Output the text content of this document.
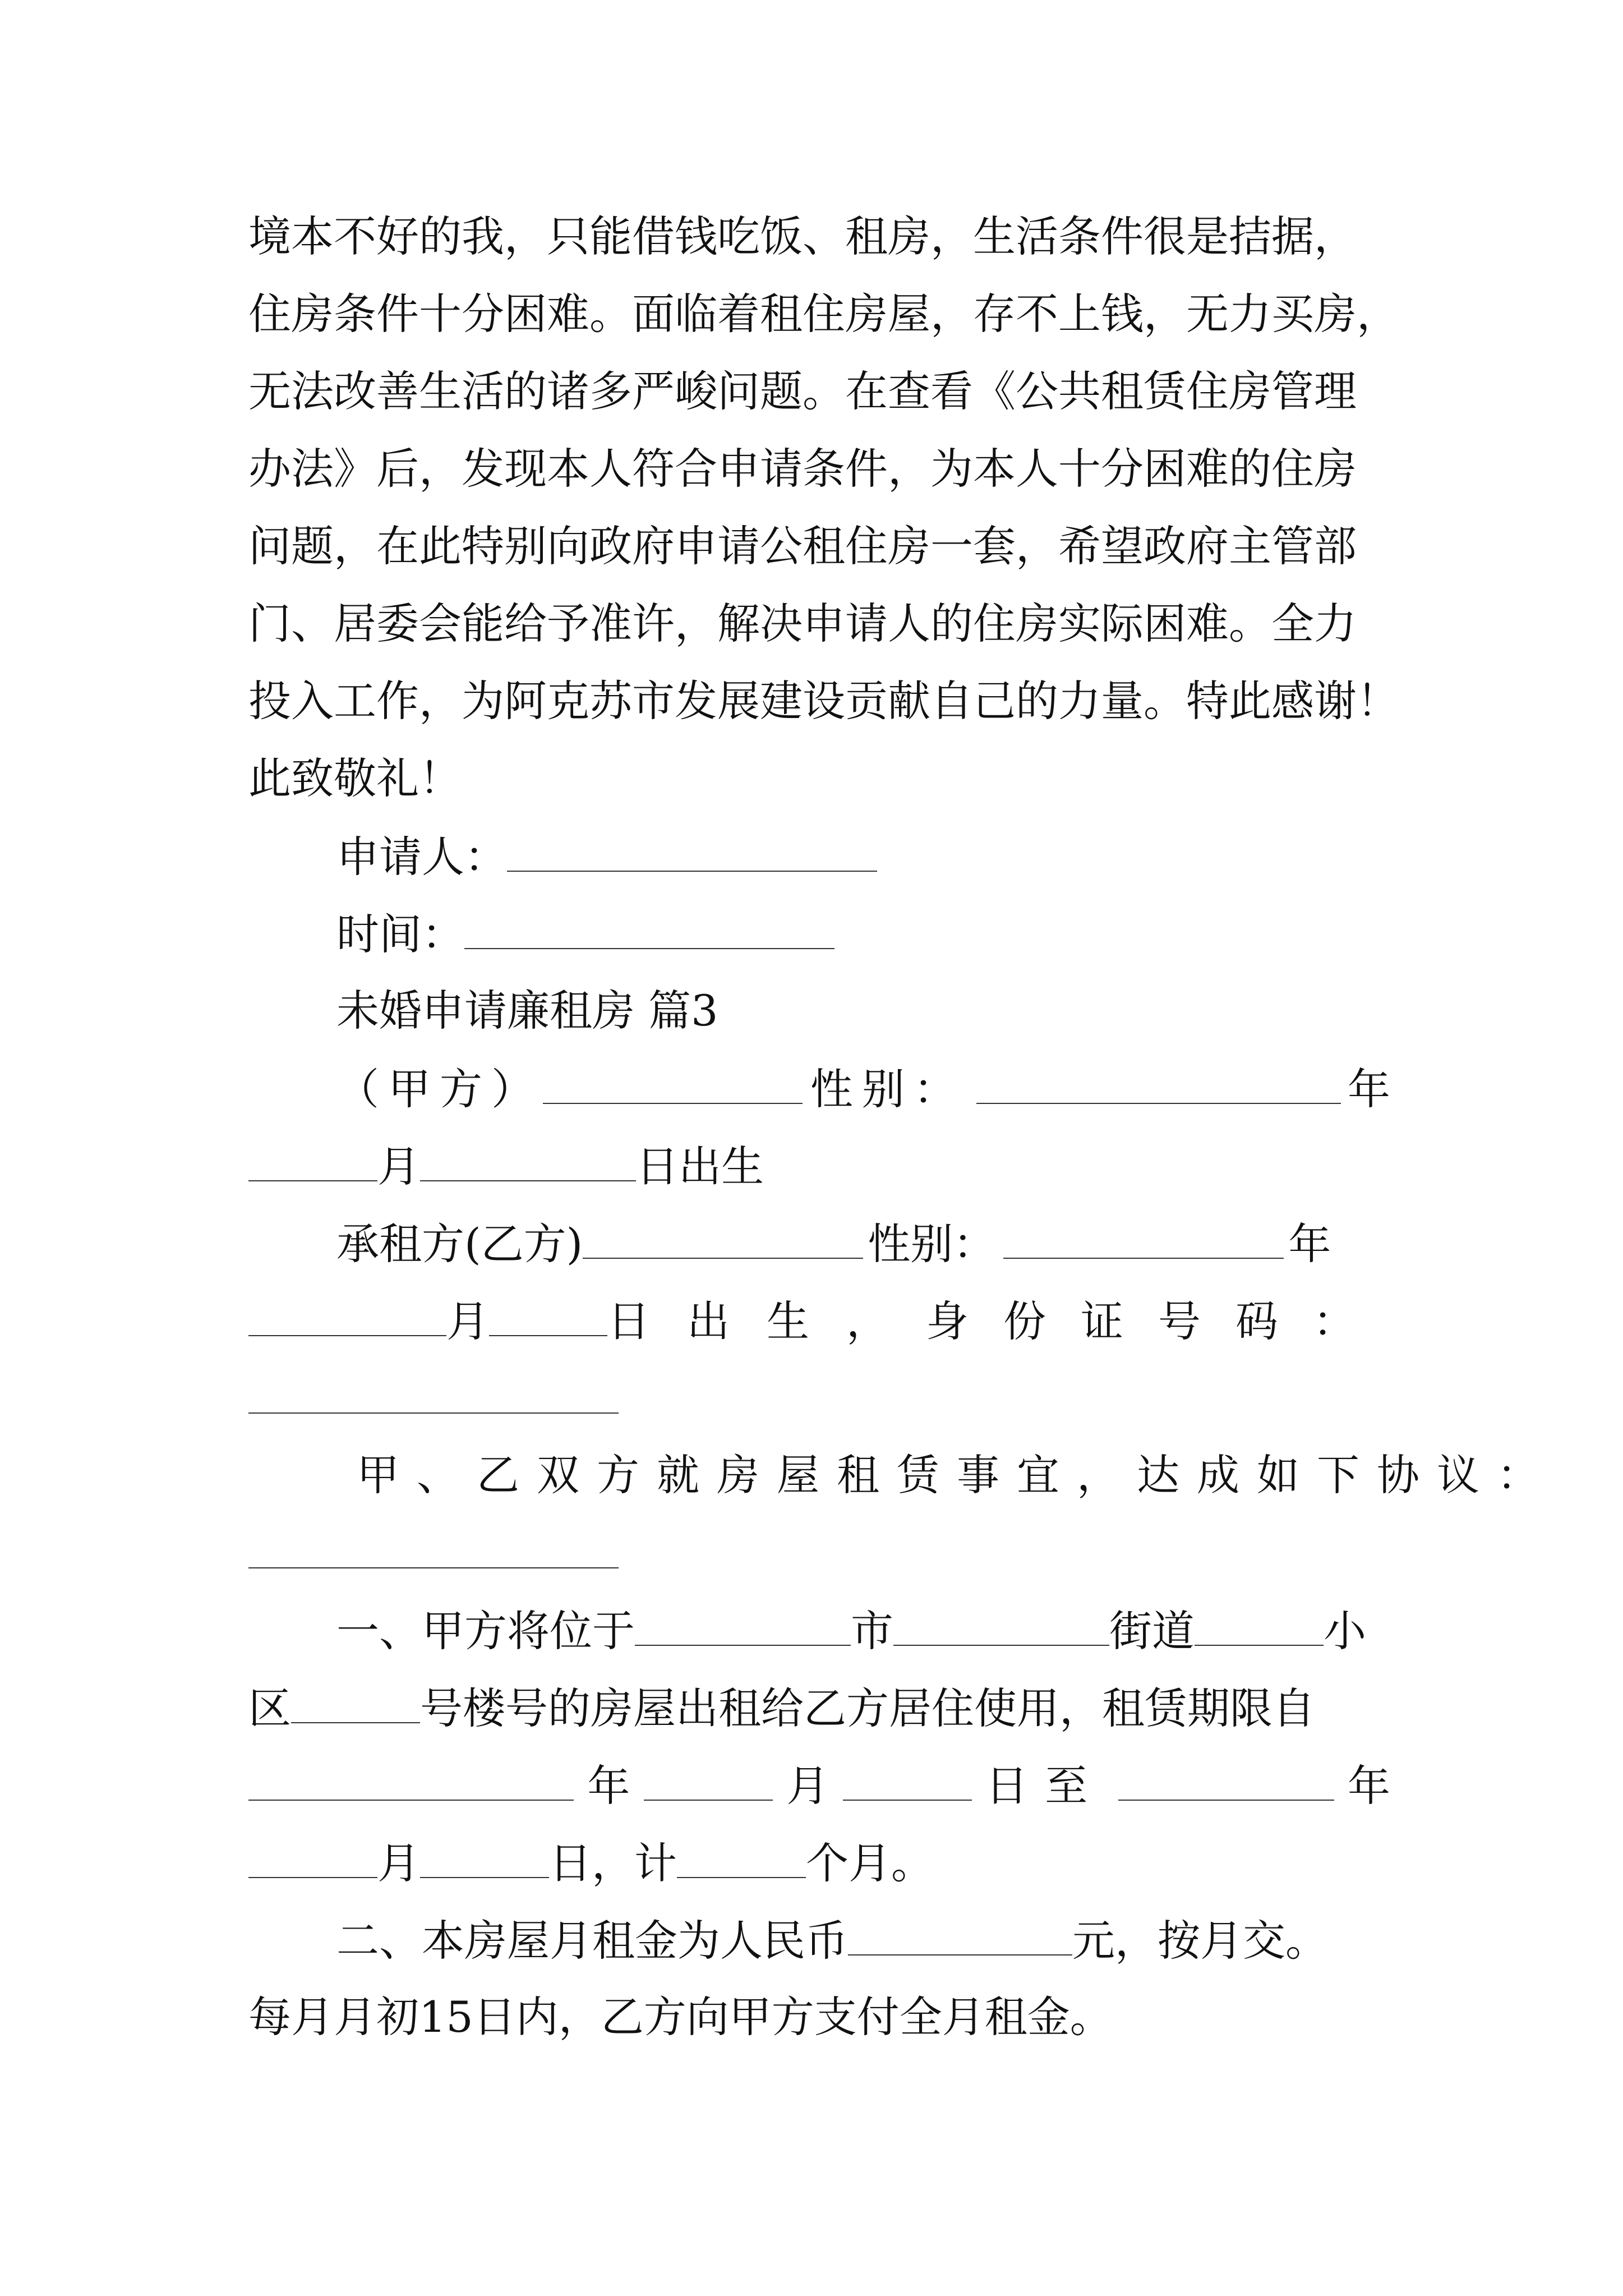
境本不好的我，只能借钱吃饭、租房，生活条件很是拮据，
住房条件十分困难。面临着租住房屋，存不上钱，无力买房，
无法改善生活的诸多严峻问题。在查看《公共租赁住房管理
办法》后，发现本人符合申请条件，为本人十分困难的住房
问题，在此特别向政府申请公租住房一套，希望政府主管部
门、居委会能给予准许，解决申请人的住房实际困难。全力
投入工作，为阿克苏市发展建设贡献自己的力量。特此感谢！
此致敬礼！
申请人：
时间：
未婚申请廉租房 篇3
（甲方）	性别：	年
月	日出生
承租方(乙方)	性别：	年
月	日出生， 身份证号码：
甲、乙双方就房屋租赁事宜，达成如下协议：
一、甲方将位于	市	街道	小
区	号楼号的房屋出租给乙方居住使用，租赁期限自
年	月	日至	年
月	日，计	个月。
二、本房屋月租金为人民币	元，按月交。
每月月初15日内，乙方向甲方支付全月租金。
